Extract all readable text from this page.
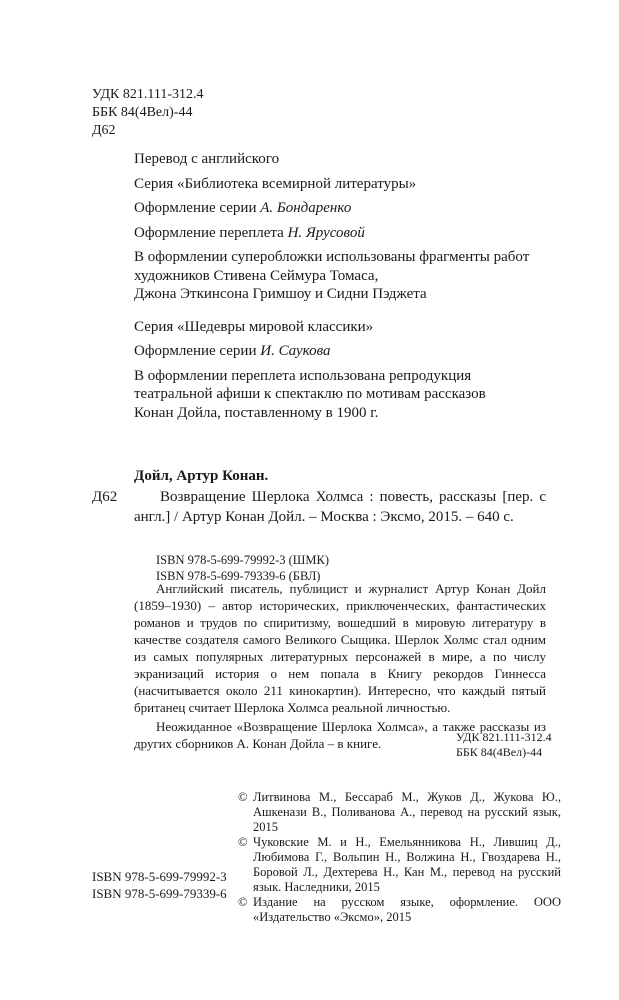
УДК 821.111-312.4
ББК 84(4Вел)-44
Д62

Перевод с английского

Серия «Библиотека всемирной литературы»

Оформление серии А. Бондаренко

Оформление переплета Н. Ярусовой

В оформлении суперобложки использованы фрагменты работ
художников Стивена Сеймура Томаса,
Джона Эткинсона Гримшоу и Сидни Пэджета

Серия «Шедевры мировой классики»

Оформление серии И. Саукова

В оформлении переплета использована репродукция
театральной афиши к спектаклю по мотивам рассказов
Конан Дойла, поставленному в 1900 г.

Дойл, Артур Конан.
Д62	Возвращение Шерлока Холмса : повесть, рассказы [пер. с англ.] / Артур Конан Дойл. – Москва : Эксмо, 2015. – 640 с.
ISBN 978-5-699-79992-3 (ШМК)
ISBN 978-5-699-79339-6 (БВЛ)

Английский писатель, публицист и журналист Артур Конан Дойл (1859–1930) – автор исторических, приключенческих, фантастических романов и трудов по спиритизму, вошедший в мировую литературу в качестве создателя самого Великого Сыщика. Шерлок Холмс стал одним из самых популярных литературных персонажей в мире, а по числу экранизаций история о нем попала в Книгу рекордов Гиннесса (насчитывается около 211 кинокартин). Интересно, что каждый пятый британец считает Шерлока Холмса реальной личностью.

Неожиданное «Возвращение Шерлока Холмса», а также рассказы из других сборников А. Конан Дойла – в книге.	УДК 821.111-312.4
ББК 84(4Вел)-44
© Литвинова М., Бессараб М., Жуков Д., Жукова Ю., Ашкенази В., Поливанова А., перевод на русский язык, 2015
© Чуковские М. и Н., Емельянникова Н., Лившиц Д., Любимова Г., Вольпин Н., Волжина Н., Гвоздарева Н., Боровой Л., Дехтерева Н., Кан М., перевод на русский язык. Наследники, 2015
© Издание на русском языке, оформление. ООО «Издательство «Эксмо», 2015
ISBN 978-5-699-79992-3
ISBN 978-5-699-79339-6
